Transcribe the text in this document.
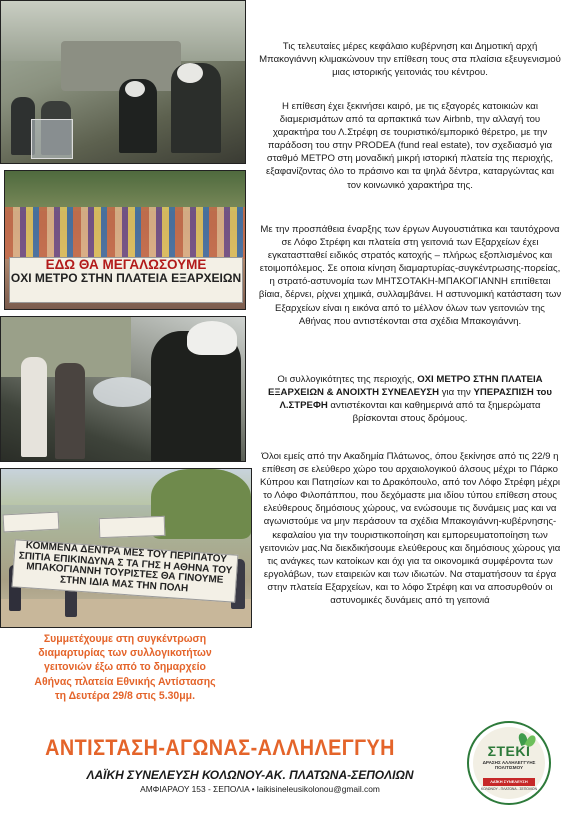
ΕΔΩ ΘΑ ΜΕΓΑΛΩΣΟΥΜΕ
ΟΧΙ ΜΕΤΡΟ ΣΤΗΝ ΠΛΑΤΕΙΑ ΕΞΑΡΧΕΙΩΝ
ΚΟΜΜΕΝΑ ΔΕΝΤΡΑ ΜΕΣ ΤΟΥ ΠΕΡΙΠΑΤΟΥ ΣΠΙΤΙΑ ΕΠΙΚΙΝΔΥΝΑ Σ ΤΑ ΓΗΣ Η ΑΘΗΝΑ ΤΟΥ ΜΠΑΚΟΓΙΑΝΝΗ ΤΟΥΡΙΣΤΕΣ ΘΑ ΓΙΝΟΥΜΕ ΣΤΗΝ ΙΔΙΑ ΜΑΣ ΤΗΝ ΠΟΛΗ

Τις τελευταίες μέρες κεφάλαιο κυβέρνηση και Δημοτική αρχή Μπακογιάννη κλιμακώνουν την επίθεση τους στα πλαίσια εξευγενισμού μιας ιστορικής γειτονιάς του κέντρου.

Η επίθεση έχει ξεκινήσει καιρό, με τις εξαγορές κατοικιών και διαμερισμάτων από τα αρπακτικά των Airbnb, την αλλαγή του χαρακτήρα του Λ.Στρέφη σε τουριστικό/εμπορικό θέρετρο, με την παράδοση του στην PRODEA (fund real estate), τον σχεδιασμό για σταθμό ΜΕΤΡΟ στη μοναδική μικρή ιστορική πλατεία της περιοχής, εξαφανίζοντας όλο το πράσινο και τα ψηλά δέντρα, καταργώντας και τον κοινωνικό χαρακτήρα της.

Με την προσπάθεια έναρξης των έργων Αυγουστιάτικα και ταυτόχρονα σε Λόφο Στρέφη και πλατεία στη γειτονιά των Εξαρχείων έχει εγκαταστταθεί ειδικός στρατός κατοχής – πλήρως εξοπλισμένος και ετοιμοπόλεμος. Σε οποια κίνηση διαμαρτυρίας-συγκέντρωσης-πορείας, η στρατό-αστυνομία των ΜΗΤΣΟΤΑΚΗ-ΜΠΑΚΟΓΙΑΝΝΗ επιτίθεται βίαια, δέρνει, ρίχνει χημικά, συλλαμβάνει. Η αστυνομική κατάσταση των Εξαρχείων είναι η εικόνα από το μέλλον όλων των γειτονιών της Αθήνας που αντιστέκονται στα σχέδια Μπακογιάννη.

Οι συλλογικότητες της περιοχής, ΟΧΙ ΜΕΤΡΟ ΣΤΗΝ ΠΛΑΤΕΙΑ ΕΞΑΡΧΕΙΩΝ & ΑΝΟΙΧΤΗ ΣΥΝΕΛΕΥΣΗ για την ΥΠΕΡΑΣΠΙΣΗ του Λ.ΣΤΡΕΦΗ αντιστέκονται και καθημερινά από τα ξημερώματα βρίσκονται στους δρόμους.

Όλοι εμείς από την Ακαδημία Πλάτωνος, όπου ξεκίνησε από τις 22/9 η επίθεση σε ελεύθερο χώρο του αρχαιολογικού άλσους μέχρι το Πάρκο Κύπρου και Πατησίων και το Δρακόπουλο, από τον Λόφο Στρέφη μέχρι το Λόφο Φιλοπάππου, που δεχόμαστε μια ιδίου τύπου επίθεση στους ελεύθερους δημόσιους χώρους, να ενώσουμε τις δυνάμεις μας και να αγωνιστούμε να μην περάσουν τα σχέδια Μπακογιάννη-κυβέρνησης-κεφαλαίου για την τουριστικοποίηση και εμπορευματοποίηση των γειτονιών μας.Να διεκδικήσουμε ελεύθερους και δημόσιους χώρους για τις ανάγκες των κατοίκων και όχι για τα οικονομικά συμφέροντα των εργολάβων, των εταιρειών και των ιδιωτών. Να σταματήσουν τα έργα στην πλατεία Εξαρχείων, και το λόφο Στρέφη και να αποσυρθούν οι αστυνομικές δυνάμεις από τη γειτονιά

Συμμετέχουμε στη συγκέντρωση
διαμαρτυρίας των συλλογικοτήτων
γειτονιών έξω από το δημαρχείο
Αθήνας πλατεία Εθνικής Αντίστασης
τη Δευτέρα 29/8 στις 5.30μμ.
ΑΝΤΙΣΤΑΣΗ-ΑΓΩΝΑΣ-ΑΛΛΗΛΕΓΓΥΗ
ΛΑΪΚΗ ΣΥΝΕΛΕΥΣΗ ΚΟΛΩΝΟΥ-ΑΚ. ΠΛΑΤΩΝΑ-ΣΕΠΟΛΙΩΝ
ΑΜΦΙΑΡΑΟΥ 153 - ΣΕΠΟΛΙΑ • laikisineleusikolonou@gmail.com
ΣΤΕΚΙ
ΔΡΑΣΗΣ ΑΛΛΗΛΕΓΓΥΗΣ ΠΟΛΙΤΙΣΜΟΥ
ΛΑΪΚΗ ΣΥΝΕΛΕΥΣΗ
ΚΟΛΩΝΟΥ - ΠΛΑΤΩΝΑ - ΣΕΠΟΛΙΩΝ
